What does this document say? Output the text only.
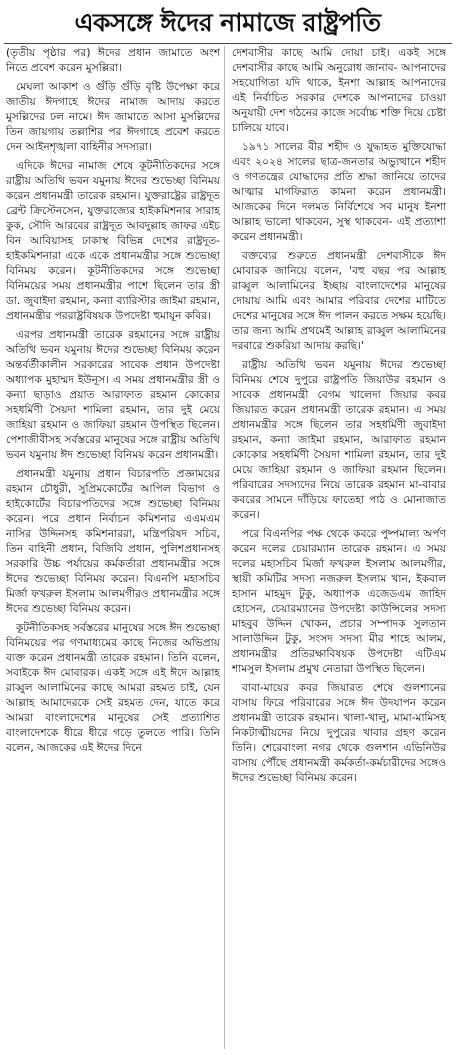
একসঙ্গে ঈদের নামাজে রাষ্ট্রপতি

(তৃতীয় পৃষ্ঠার পর) ঈদের প্রধান জামাতে অংশ নিতে প্রবেশ করেন মুসল্লিরা।

মেঘলা আকাশ ও গুঁড়ি গুঁড়ি বৃষ্টি উপেক্ষা করে জাতীয় ঈদগাহে ঈদের নামাজ আদায় করতে মুসল্লিদের ঢল নামে। ঈদ জামাতে আসা মুসল্লিদের তিন জায়গায় তল্লাশির পর ঈদগাহে প্রবেশ করতে দেন আইনশৃঙ্খলা বাহিনীর সদস্যরা।

এদিকে ঈদের নামাজ শেষে কূটনীতিকদের সঙ্গে রাষ্ট্রীয় অতিথি ভবন যমুনায় ঈদের শুভেচ্ছা বিনিময় করেন প্রধানমন্ত্রী তারেক রহমান। যুক্তরাষ্ট্রের রাষ্ট্রদূত ব্রেন্ট ক্রিস্টেনসেন, যুক্তরাজ্যের হাইকমিশনার সারাহ কুক, সৌদি আরবের রাষ্ট্রদূত আবদুল্লাহ জাফর এইচ বিন আবিয়াসহ ঢাকাস্থ বিভিন্ন দেশের রাষ্ট্রদূত-হাইকমিশনারা একে একে প্রধানমন্ত্রীর সঙ্গে শুভেচ্ছা বিনিময় করেন। কূটনীতিকদের সঙ্গে শুভেচ্ছা বিনিময়ের সময় প্রধানমন্ত্রীর পাশে ছিলেন তার স্ত্রী ডা. জুবাইদা রহমান, কন্যা ব্যারিস্টার জাইমা রহমান, প্রধানমন্ত্রীর পররাষ্ট্রবিষয়ক উপদেষ্টা হুমায়ূন কবির।

এরপর প্রধানমন্ত্রী তারেক রহমানের সঙ্গে রাষ্ট্রীয় অতিথি ভবন যমুনায় ঈদের শুভেচ্ছা বিনিময় করেন অন্তর্বর্তীকালীন সরকারের সাবেক প্রধান উপদেষ্টা অধ্যাপক মুহাম্মদ ইউনূস। এ সময় প্রধানমন্ত্রীর স্ত্রী ও কন্যা ছাড়াও প্রয়াত আরাফাত রহমান কোকোর সহধর্মিণী সৈয়দা শামিলা রহমান, তার দুই মেয়ে জাহিয়া রহমান ও জাফিয়া রহমান উপস্থিত ছিলেন। পেশাজীবীসহ সর্বস্তরের মানুষের সঙ্গে রাষ্ট্রীয় অতিথি ভবন যমুনায় ঈদ শুভেচ্ছা বিনিময় করেন প্রধানমন্ত্রী।

প্রধানমন্ত্রী যমুনায় প্রধান বিচারপতি প্রজ্ঞাময়ের রহমান চৌধুরী, সুপ্রিমকোর্টের আপিল বিভাগ ও হাইকোর্টের বিচারপতিদের সঙ্গে শুভেচ্ছা বিনিময় করেন। পরে প্রধান নির্বাচন কমিশনার এএমএম নাসির উদ্দিনসহ কমিশনাররা, মন্ত্রিপরিষদ সচিব, তিন বাহিনী প্রধান, বিজিবি প্রধান, পুলিশপ্রধানসহ সরকারি উচ্চ পর্যায়ের কর্মকর্তারা প্রধানমন্ত্রীর সঙ্গে ঈদের শুভেচ্ছা বিনিময় করেন। বিএনপি মহাসচিব মির্জা ফখরুল ইসলাম আলমগীরও প্রধানমন্ত্রীর সঙ্গে ঈদের শুভেচ্ছা বিনিময় করেন।

কূটনীতিকসহ সর্বস্তরের মানুষের সঙ্গে ঈদ শুভেচ্ছা বিনিময়ের পর গণমাধ্যমের কাছে নিজের অভিপ্রায় ব্যক্ত করেন প্রধানমন্ত্রী তারেক রহমান। তিনি বলেন, সবাইকে ঈদ মোবারক। একই সঙ্গে এই ঈদে আল্লাহ রাব্বুল আলামিনের কাছে আমরা রহমত চাই, যেন আল্লাহ আমাদেরকে সেই রহমত দেন, যাতে করে আমরা বাংলাদেশের মানুষের সেই প্রত্যাশিত বাংলাদেশকে ধীরে ধীরে গড়ে তুলতে পারি। তিনি বলেন, আজকের এই ঈদের দিনে

দেশবাসীর কাছে আমি দোয়া চাই। একই সঙ্গে দেশবাসীর কাছে আমি অনুরোধ জানাব- আপনাদের সহযোগিতা যদি থাকে, ইনশা আল্লাহ আপনাদের এই নির্বাচিত সরকার দেশকে আপনাদের চাওয়া অনুযায়ী দেশ গঠনের কাজে সর্বোচ্চ শক্তি দিয়ে চেষ্টা চালিয়ে যাবে।

১৯৭১ সালের বীর শহীদ ও যুদ্ধাহত মুক্তিযোদ্ধা এবং ২০২৪ সালের ছাত্র-জনতার অভ্যুত্থানে শহীদ ও গণতন্ত্রের যোদ্ধাদের প্রতি শ্রদ্ধা জানিয়ে তাদের আত্মার মাগফিরাত কামনা করেন প্রধানমন্ত্রী। আজকের দিনে দলমত নির্বিশেষে সব মানুষ ইনশা আল্লাহ ভালো থাকবেন, সুস্থ থাকবেন- এই প্রত্যাশা করেন প্রধানমন্ত্রী।

বক্তব্যের শুরুতে প্রধানমন্ত্রী দেশবাসীকে ঈদ মোবারক জানিয়ে বলেন, 'বহু বছর পর আল্লাহ রাব্বুল আলামিনের ইচ্ছায় বাংলাদেশের মানুষের দোয়ায় আমি এবং আমার পরিবার দেশের মাটিতে দেশের মানুষের সঙ্গে ঈদ পালন করতে সক্ষম হয়েছি। তার জন্য আমি প্রথমেই আল্লাহ রাব্বুল আলামিনের দরবারে শুকরিয়া আদায় করছি।'

রাষ্ট্রীয় অতিথি ভবন যমুনায় ঈদের শুভেচ্ছা বিনিময় শেষে দুপুরে রাষ্ট্রপতি জিয়াউর রহমান ও সাবেক প্রধানমন্ত্রী বেগম খালেদা জিয়ার কবর জিয়ারত করেন প্রধানমন্ত্রী তারেক রহমান। এ সময় প্রধানমন্ত্রীর সঙ্গে ছিলেন তার সহধর্মিণী জুবাইদা রহমান, কন্যা জাইমা রহমান, আরাফাত রহমান কোকোর সহধর্মিণী সৈয়দা শামিলা রহমান, তার দুই মেয়ে জাহিয়া রহমান ও জাফিয়া রহমান ছিলেন। পরিবারের সদস্যদের নিয়ে তারেক রহমান মা-বাবার কবরের সামনে দাঁড়িয়ে ফাতেহা পাঠ ও মোনাজাত করেন।

পরে বিএনপির পক্ষ থেকে কবরে পুষ্পমাল্য অর্পণ করেন দলের চেয়ারম্যান তারেক রহমান। এ সময় দলের মহাসচিব মির্জা ফখরুল ইসলাম আলমগীর, স্থায়ী কমিটির সদস্য নজরুল ইসলাম খান, ইকবাল হাসান মাহমুদ টুকু, অধ্যাপক এজেডএম জাহিদ হোসেন, চেয়ারম্যানের উপদেষ্টা কাউন্সিলের সদস্য মাহবুব উদ্দিন খোকন, প্রচার সম্পাদক সুলতান সালাউদ্দিন টুকু, সংসদ সদস্য মীর শাহে আলম, প্রধানমন্ত্রীর প্রতিরক্ষাবিষয়ক উপদেষ্টা এটিএম শামসুল ইসলাম প্রমুখ নেতারা উপস্থিত ছিলেন।

বাবা-মায়ের কবর জিয়ারত শেষে গুলশানের বাসায় ফিরে পরিবারের সঙ্গে ঈদ উদযাপন করেন প্রধানমন্ত্রী তারেক রহমান। খালা-খালু, মামা-মামিসহ নিকটাত্মীয়দের নিয়ে দুপুরের খাবার গ্রহণ করেন তিনি। শেরেবাংলা নগর থেকে গুলশান এভিনিউর বাসায় পৌঁছে প্রধানমন্ত্রী কর্মকর্তা-কর্মচারীদের সঙ্গেও ঈদের শুভেচ্ছা বিনিময় করেন।
